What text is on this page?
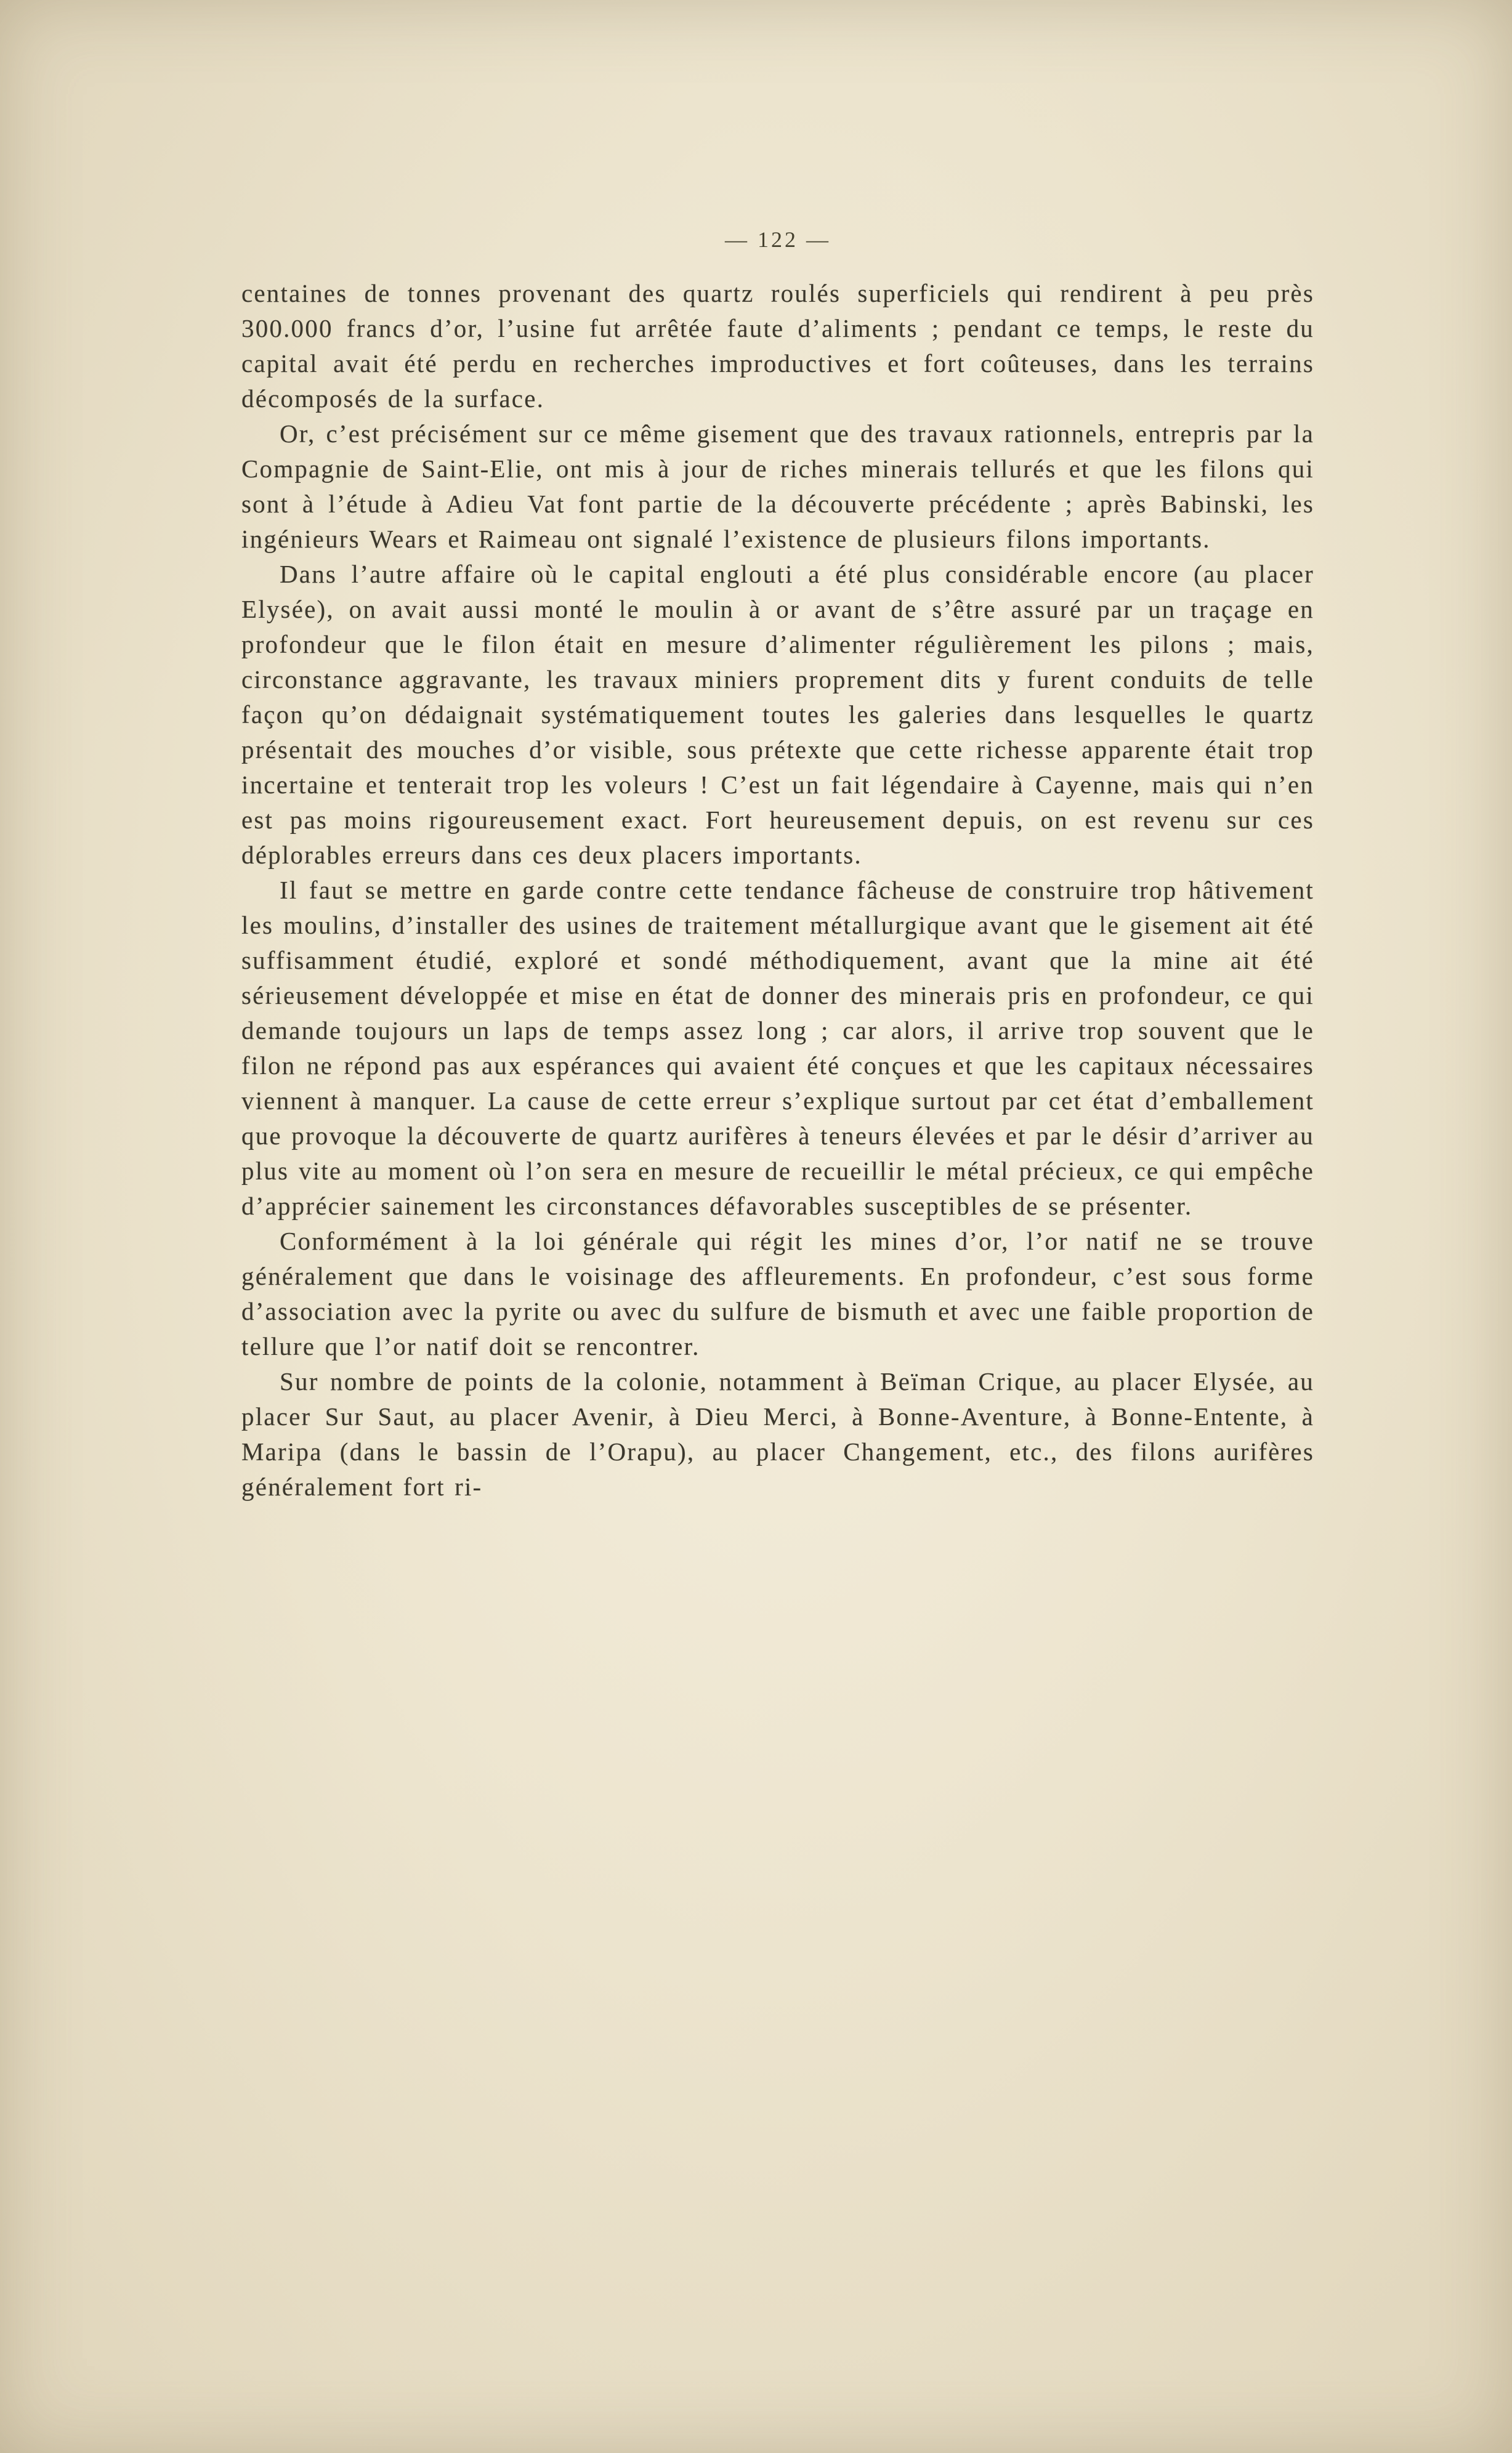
— 122 —

centaines de tonnes provenant des quartz roulés superficiels qui rendirent à peu près 300.000 francs d’or, l’usine fut arrêtée faute d’aliments ; pendant ce temps, le reste du capital avait été perdu en recherches improductives et fort coûteuses, dans les terrains décomposés de la surface.

Or, c’est précisément sur ce même gisement que des travaux rationnels, entrepris par la Compagnie de Saint-Elie, ont mis à jour de riches minerais tellurés et que les filons qui sont à l’étude à Adieu Vat font partie de la découverte précédente ; après Babinski, les ingénieurs Wears et Raimeau ont signalé l’existence de plusieurs filons importants.

Dans l’autre affaire où le capital englouti a été plus considérable encore (au placer Elysée), on avait aussi monté le moulin à or avant de s’être assuré par un traçage en profondeur que le filon était en mesure d’alimenter régulièrement les pilons ; mais, circonstance aggravante, les travaux miniers proprement dits y furent conduits de telle façon qu’on dédaignait systématiquement toutes les galeries dans lesquelles le quartz présentait des mouches d’or visible, sous prétexte que cette richesse apparente était trop incertaine et tenterait trop les voleurs ! C’est un fait légendaire à Cayenne, mais qui n’en est pas moins rigoureusement exact. Fort heureusement depuis, on est revenu sur ces déplorables erreurs dans ces deux placers importants.

Il faut se mettre en garde contre cette tendance fâcheuse de construire trop hâtivement les moulins, d’installer des usines de traitement métallurgique avant que le gisement ait été suffisamment étudié, exploré et sondé méthodiquement, avant que la mine ait été sérieusement développée et mise en état de donner des minerais pris en profondeur, ce qui demande toujours un laps de temps assez long ; car alors, il arrive trop souvent que le filon ne répond pas aux espérances qui avaient été conçues et que les capitaux nécessaires viennent à manquer. La cause de cette erreur s’explique surtout par cet état d’emballement que provoque la découverte de quartz aurifères à teneurs élevées et par le désir d’arriver au plus vite au moment où l’on sera en mesure de recueillir le métal précieux, ce qui empêche d’apprécier sainement les circonstances défavorables susceptibles de se présenter.

Conformément à la loi générale qui régit les mines d’or, l’or natif ne se trouve généralement que dans le voisinage des affleurements. En profondeur, c’est sous forme d’association avec la pyrite ou avec du sulfure de bismuth et avec une faible proportion de tellure que l’or natif doit se rencontrer.

Sur nombre de points de la colonie, notamment à Beïman Crique, au placer Elysée, au placer Sur Saut, au placer Avenir, à Dieu Merci, à Bonne-Aventure, à Bonne-Entente, à Maripa (dans le bassin de l’Orapu), au placer Changement, etc., des filons aurifères généralement fort ri-
